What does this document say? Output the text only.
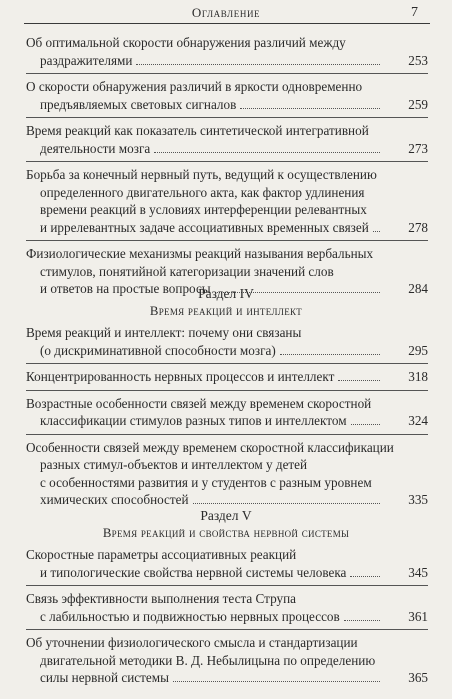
Оглавление	7
Об оптимальной скорости обнаружения различий между
раздражителями	253
О скорости обнаружения различий в яркости одновременно
предъявляемых световых сигналов	259
Время реакций как показатель синтетической интегративной
деятельности мозга	273
Борьба за конечный нервный путь, ведущий к осуществлению
определенного двигательного акта, как фактор удлинения
времени реакций в условиях интерференции релевантных
и иррелевантных задаче ассоциативных временных связей	278
Физиологические механизмы реакций называния вербальных
стимулов, понятийной категоризации значений слов
и ответов на простые вопросы	284
Раздел IV
Время реакций и интеллект
Время реакций и интеллект: почему они связаны
(о дискриминативной способности мозга)	295
Концентрированность нервных процессов и интеллект	318
Возрастные особенности связей между временем скоростной
классификации стимулов разных типов и интеллектом	324
Особенности связей между временем скоростной классификации
разных стимул-объектов и интеллектом у детей
с особенностями развития и у студентов с разным уровнем
химических способностей	335
Раздел V
Время реакций и свойства нервной системы
Скоростные параметры ассоциативных реакций
и типологические свойства нервной системы человека	345
Связь эффективности выполнения теста Струпа
с лабильностью и подвижностью нервных процессов	361
Об уточнении физиологического смысла и стандартизации
двигательной методики В. Д. Небылицына по определению
силы нервной системы	365
